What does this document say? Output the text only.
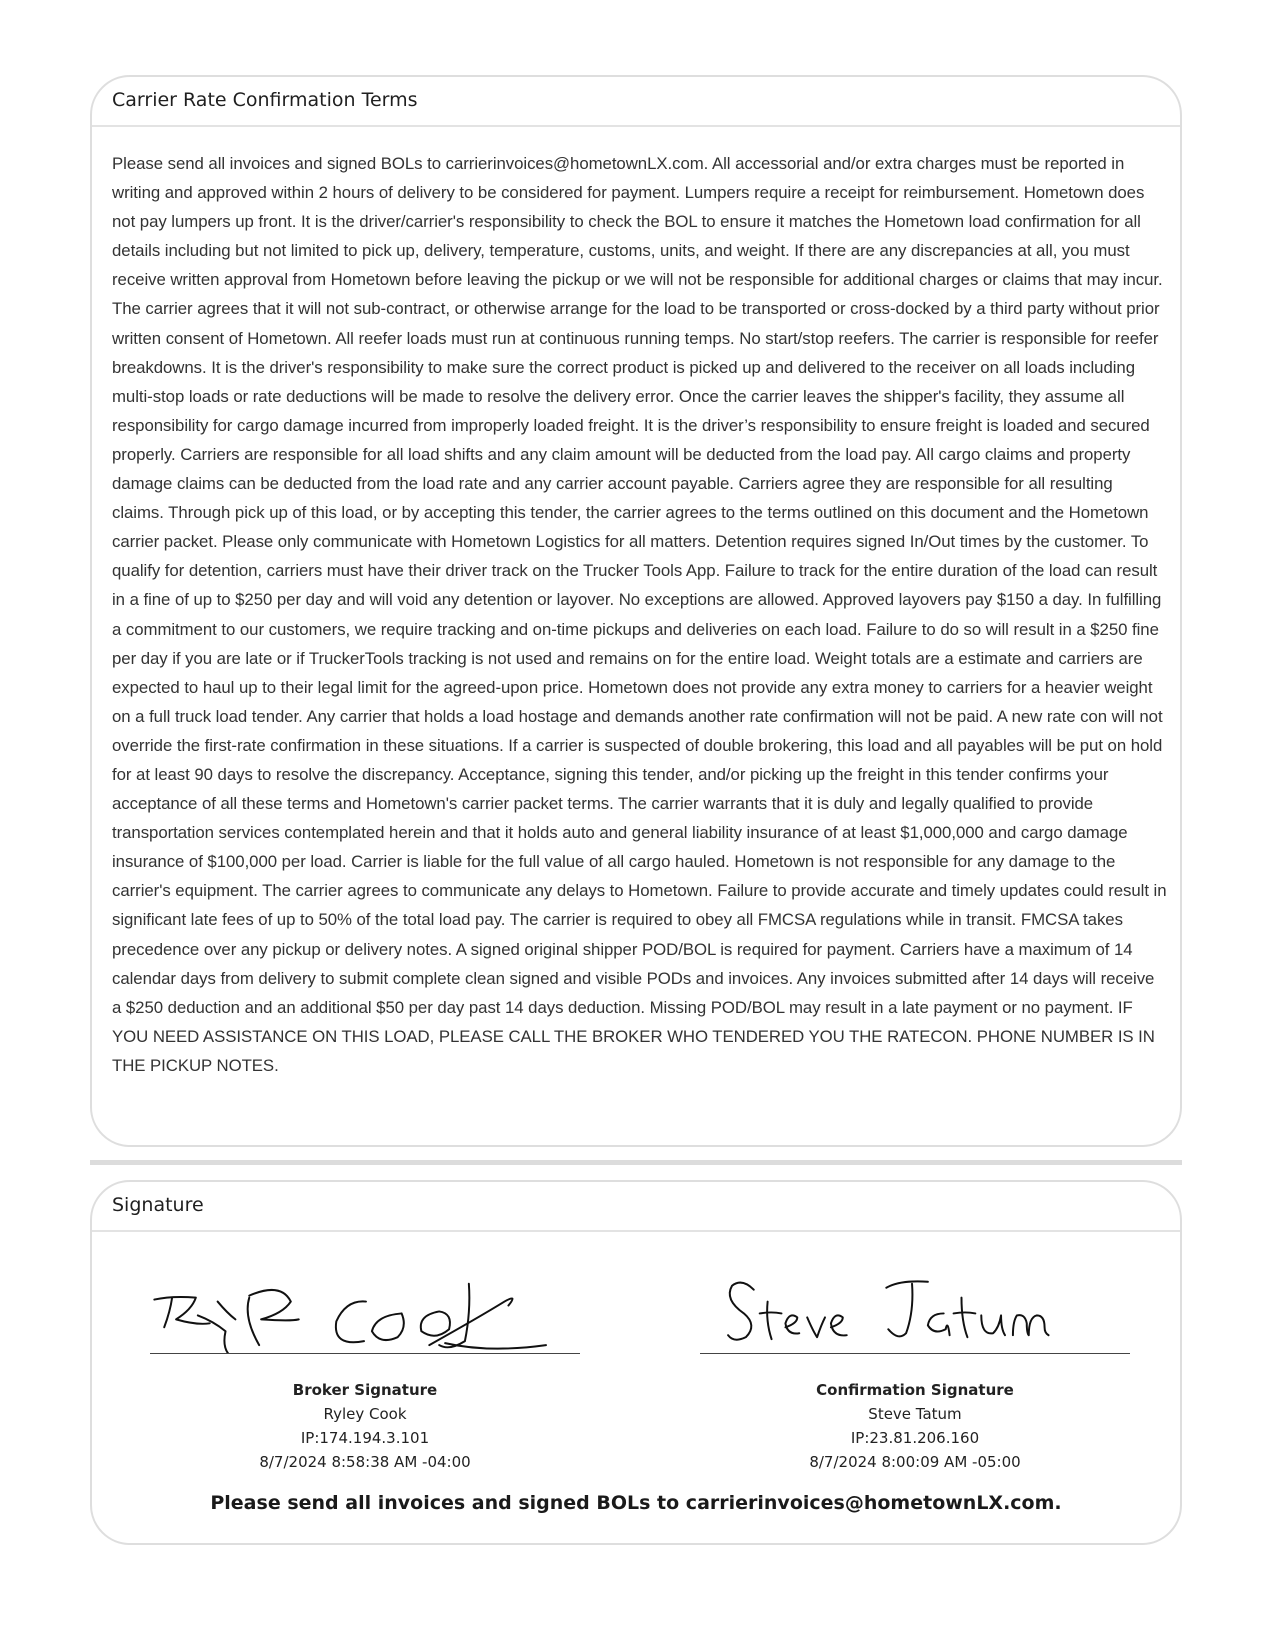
Carrier Rate Confirmation Terms

Please send all invoices and signed BOLs to carrierinvoices@hometownLX.com. All accessorial and/or extra charges must be reported in writing and approved within 2 hours of delivery to be considered for payment. Lumpers require a receipt for reimbursement. Hometown does not pay lumpers up front. It is the driver/carrier's responsibility to check the BOL to ensure it matches the Hometown load confirmation for all details including but not limited to pick up, delivery, temperature, customs, units, and weight. If there are any discrepancies at all, you must receive written approval from Hometown before leaving the pickup or we will not be responsible for additional charges or claims that may incur. The carrier agrees that it will not sub-contract, or otherwise arrange for the load to be transported or cross-docked by a third party without prior written consent of Hometown. All reefer loads must run at continuous running temps. No start/stop reefers. The carrier is responsible for reefer breakdowns. It is the driver's responsibility to make sure the correct product is picked up and delivered to the receiver on all loads including multi-stop loads or rate deductions will be made to resolve the delivery error. Once the carrier leaves the shipper's facility, they assume all responsibility for cargo damage incurred from improperly loaded freight. It is the driver’s responsibility to ensure freight is loaded and secured properly. Carriers are responsible for all load shifts and any claim amount will be deducted from the load pay. All cargo claims and property damage claims can be deducted from the load rate and any carrier account payable. Carriers agree they are responsible for all resulting claims. Through pick up of this load, or by accepting this tender, the carrier agrees to the terms outlined on this document and the Hometown carrier packet. Please only communicate with Hometown Logistics for all matters. Detention requires signed In/Out times by the customer. To qualify for detention, carriers must have their driver track on the Trucker Tools App. Failure to track for the entire duration of the load can result in a fine of up to $250 per day and will void any detention or layover. No exceptions are allowed. Approved layovers pay $150 a day. In fulfilling a commitment to our customers, we require tracking and on-time pickups and deliveries on each load. Failure to do so will result in a $250 fine per day if you are late or if TruckerTools tracking is not used and remains on for the entire load. Weight totals are a estimate and carriers are expected to haul up to their legal limit for the agreed-upon price. Hometown does not provide any extra money to carriers for a heavier weight on a full truck load tender. Any carrier that holds a load hostage and demands another rate confirmation will not be paid. A new rate con will not override the first-rate confirmation in these situations. If a carrier is suspected of double brokering, this load and all payables will be put on hold for at least 90 days to resolve the discrepancy. Acceptance, signing this tender, and/or picking up the freight in this tender confirms your acceptance of all these terms and Hometown's carrier packet terms. The carrier warrants that it is duly and legally qualified to provide transportation services contemplated herein and that it holds auto and general liability insurance of at least $1,000,000 and cargo damage insurance of $100,000 per load. Carrier is liable for the full value of all cargo hauled. Hometown is not responsible for any damage to the carrier's equipment. The carrier agrees to communicate any delays to Hometown. Failure to provide accurate and timely updates could result in significant late fees of up to 50% of the total load pay. The carrier is required to obey all FMCSA regulations while in transit. FMCSA takes precedence over any pickup or delivery notes. A signed original shipper POD/BOL is required for payment. Carriers have a maximum of 14 calendar days from delivery to submit complete clean signed and visible PODs and invoices. Any invoices submitted after 14 days will receive a $250 deduction and an additional $50 per day past 14 days deduction. Missing POD/BOL may result in a late payment or no payment. IF YOU NEED ASSISTANCE ON THIS LOAD, PLEASE CALL THE BROKER WHO TENDERED YOU THE RATECON. PHONE NUMBER IS IN THE PICKUP NOTES.

Signature
Broker Signature
Ryley Cook
IP:174.194.3.101
8/7/2024 8:58:38 AM -04:00
Confirmation Signature
Steve Tatum
IP:23.81.206.160
8/7/2024 8:00:09 AM -05:00
Please send all invoices and signed BOLs to carrierinvoices@hometownLX.com.
